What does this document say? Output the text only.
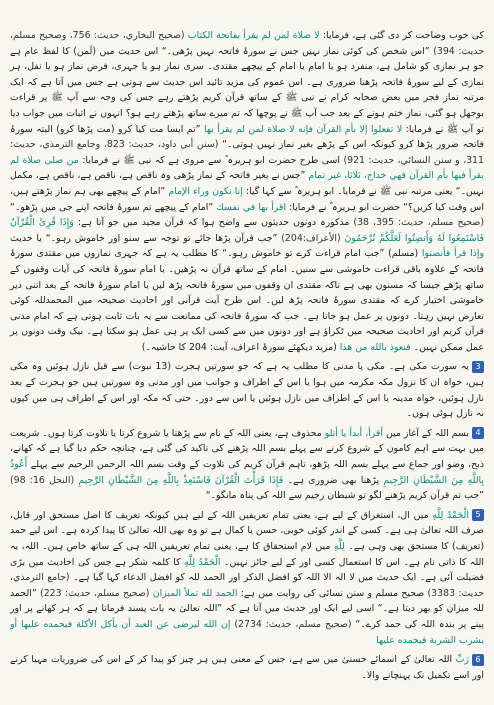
کی خوب وضاحت کر دی گئی ہے، فرمایا: لا صلاة لمن لم یقرأ بفاتحة الکتاب (صحیح البخاري، حدیث: 756، وصحیح مسلم، حدیث: 394) ”اس شخص کی کوئی نماز نہیں جس نے سورۂ فاتحہ نہیں پڑھی۔“ اس حدیث میں (لَمن) کا لفظ عام ہے جو ہر نمازی کو شامل ہے، منفرد ہو یا امام یا امام کے پیچھے مقتدی۔ سری نماز ہو یا جہری، فرض نماز ہو یا نفل، ہر نمازی کے لیے سورۂ فاتحہ پڑھنا ضروری ہے۔ اس عموم کی مزید تائید اس حدیث سے ہوتی ہے جس میں آتا ہے کہ ایک مرتبہ نماز فجر میں بعض صحابہ کرام نے نبی ﷺ کے ساتھ قرآن کریم پڑھتے رہے جس کی وجہ سے آپ ﷺ پر قراءت بوجھل ہو گئی، نماز ختم ہونے کے بعد جب آپ ﷺ نے پوچھا کہ تم میرے ساتھ پڑھتے رہے ہو؟ انہوں نے اثبات میں جواب دیا تو آپ ﷺ نے فرمایا: لا تفعلوا إلا بأم القرآن فإنه لا صلاة لمن لم یقرأ بها ”تم ایسا مت کیا کرو (مت پڑھا کرو) البتہ سورۂ فاتحہ ضرور پڑھا کرو کیونکہ اس کے پڑھے بغیر نماز نہیں ہوتی۔“ (سنن أبي داود، حدیث: 823، وجامع الترمذي، حدیث: 311، و سنن النسائي، حدیث: 921) اسی طرح حضرت ابو ہریرہ ؓ سے مروی ہے کہ نبی ﷺ نے فرمایا: من صلى صلاة لم یقرأ فیها بأم القرآن فهي خداج، ثلاثا، غیر تمام ”جس نے بغیر فاتحہ کے نماز پڑھی وہ ناقص ہے، ناقص ہے، ناقص ہے، مکمل نہیں۔“ یعنی مرتبہ نبی ﷺ نے فرمایا۔ ابو ہریرہ ؓ سے کہا گیا: إنا نکون وراء الإمام ”امام کے پیچھے بھی ہم نماز پڑھتے ہیں، اس وقت کیا کریں؟“ حضرت ابو ہریرہ ؓ نے فرمایا: اقرأ بها في نفسك ”امام کے پیچھے تم سورۂ فاتحہ اپنے جی میں پڑھو۔“ (صحیح مسلم، حدیث: 395، 38) مذکورہ دونوں حدیثوں سے واضح ہوا کہ قرآن مجید میں جو آتا ہے: وَإِذَا قُرِئَ الْقُرْآنُ فَاسْتَمِعُوا لَهُ وَأَنصِتُوا لَعَلَّكُمْ تُرْحَمُونَ (الأعراف:204) ”جب قرآن پڑھا جائے تو توجہ سے سنو اور خاموش رہو۔“ یا حدیث وإذا قرأ فأنصتوا (مسلم) ”جب امام قراءت کرے تو خاموش رہو۔“ کا مطلب یہ ہے کہ جہری نمازوں میں مقتدی سورۂ فاتحہ کے علاوہ باقی قراءت خاموشی سے سنیں۔ امام کے ساتھ قرآن نہ پڑھیں۔ یا امام سورۂ فاتحہ کی آیات وقفوں کے ساتھ پڑھے جیسا کہ مسنون بھی ہے تاکہ مقتدی ان وقفوں میں سورۂ فاتحہ پڑھ لیں یا امام سورۂ فاتحہ کے بعد اتنی دیر خاموشی اختیار کرے کہ مقتدی سورۂ فاتحہ پڑھ لیں۔ اس طرح آیت قرآنی اور احادیث صحیحہ میں المحمدللہ کوئی تعارض نہیں رہتا۔ دونوں پر عمل ہو جاتا ہے۔ جب کہ سورۂ فاتحہ کی ممانعت سے یہ بات ثابت ہوتی ہے کہ امام مدنی قرآن کریم اور احادیث صحیحہ میں ٹکراؤ ہے اور دونوں میں سے کسی ایک پر ہی عمل ہو سکتا ہے۔ بیک وقت دونوں پر عمل ممکن نہیں۔ فنعوذ بالله من هذا (مزید دیکھئے سورۂ اعراف، آیت: 204 کا حاشیہ۔)

3یہ سورت مکی ہے۔ مکی یا مدنی کا مطلب یہ ہے کہ جو سورتیں ہجرت (13 نبوت) سے قبل نازل ہوئیں وہ مکی ہیں، خواہ ان کا نزول مکہ مکرمہ میں ہوا یا اس کے اطراف و جوانب میں اور مدنی وہ سورتیں ہیں جو ہجرت کے بعد نازل ہوئیں، خواہ مدینہ یا اس کے اطراف میں نازل ہوئیں یا اس سے دور۔ حتی کہ مکہ اور اس کے اطراف ہی میں کیوں نہ نازل ہوئی ہوں۔

4بسم اللہ کے آغاز میں أقرأ، أبدأ یا أتلو محذوف ہے، یعنی اللہ کے نام سے پڑھتا یا شروع کرتا یا تلاوت کرتا ہوں۔ شریعت میں بہت سے اہم کاموں کے شروع کرنے سے پہلے بسم اللہ پڑھنے کی تاکید کی گئی ہے، چنانچہ حکم دیا گیا ہے کہ کھانے، ذبح، وضو اور جماع سے پہلے بسم اللہ پڑھو، تاہم قرآن کریم کی تلاوت کے وقت بسم اللہ الرحمن الرحیم سے پہلے أَعُوذُ بِاللَّهِ مِنَ الشَّيْطَانِ الرَّجِيمِ پڑھنا بھی ضروری ہے۔ فَإِذَا قَرَأْتَ الْقُرْآنَ فَاسْتَعِذْ بِاللَّهِ مِنَ الشَّيْطَانِ الرَّجِيمِ (النحل 16: 98) ”جب تم قرآن کریم پڑھنے لگو تو شیطان رجیم سے اللہ کی پناہ مانگو۔“

5الْحَمْدُ لِلَّهِ میں ال، استغراق کے لیے ہے، یعنی تمام تعریفیں اللہ کے لیے ہیں کیونکہ تعریف کا اصل مستحق اور قابل، صرف اللہ تعالیٰ ہی ہے۔ کسی کے اندر کوئی خوبی، حسن یا کمال ہے تو وہ بھی اللہ تعالیٰ کا پیدا کردہ ہے۔ اس لیے حمد (تعریف) کا مستحق بھی وہی ہے۔ لِلَّهِ میں لام استحقاق کا ہے، یعنی تمام تعریفیں اللہ ہی کے ساتھ خاص ہیں۔ اللہ، یہ اللہ کا ذاتی نام ہے۔ اس کا استعمال کسی اور کے لیے جائز نہیں۔ الْحَمْدُ لِلَّهِ کا کلمہ شکر ہے جس کی احادیث میں بڑی فضیلت آئی ہے۔ ایک حدیث میں لا الہ الا اللہ کو افضل الذکر اور الحمد للہ کو افضل الدعاء کہا گیا ہے۔ (جامع الترمذي، حدیث: 3383) صحیح مسلم و سنن نسائی کی روایت میں ہے: الحمد لله تملأ المیزان (صحیح مسلم، حدیث: 223) ”الحمد للہ میزان کو بھر دیتا ہے۔“ اسی لیے ایک اور حدیث میں آتا ہے کہ ”اللہ تعالیٰ یہ بات پسند فرماتا ہے کہ ہر کھانے پر اور پینے پر بندہ اللہ کی حمد کرے۔“ (صحیح مسلم، حدیث: 2734) إن الله لیرضى عن العبد أن یأکل الأکلة فیحمده علیها أو یشرب الشربة فیحمده علیها

6رَبِّ اللہ تعالیٰ کے اسمائے حسنیٰ میں سے ہے، جس کے معنی ہیں ہر چیز کو پیدا کر کے اس کی ضروریات مہیا کرنے اور اسے تکمیل تک پہنچانے والا۔
